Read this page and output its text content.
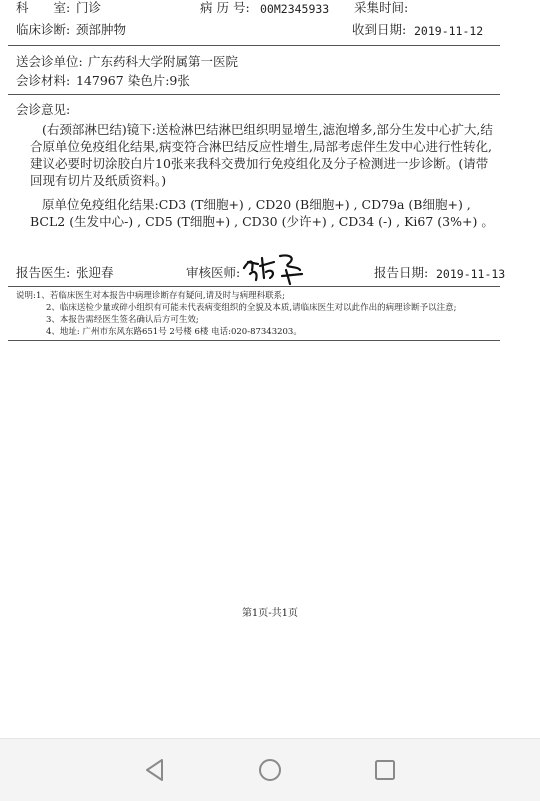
科　　室: 门诊	病 历 号: 00M2345933 采集时间:
临床诊断: 颈部肿物	收到日期: 2019-11-12
送会诊单位: 广东药科大学附属第一医院
会诊材料: 147967 染色片:9张
会诊意见:
(右颈部淋巴结)镜下:送检淋巴结淋巴组织明显增生,滤泡增多,部分生发中心扩大,结合原单位免疫组化结果,病变符合淋巴结反应性增生,局部考虑伴生发中心进行性转化,建议必要时切涂胶白片10张来我科交费加行免疫组化及分子检测进一步诊断。(请带回现有切片及纸质资料。)
原单位免疫组化结果:CD3 (T细胞+) , CD20 (B细胞+) , CD79a (B细胞+) , BCL2 (生发中心-) , CD5 (T细胞+) , CD30 (少许+) , CD34 (-) , Ki67 (3%+) 。
报告医生: 张迎春	审核医师:	报告日期: 2019-11-13
说明: 1、若临床医生对本报告中病理诊断存有疑问,请及时与病理科联系;
2、临床送检少量或碎小组织有可能未代表病变组织的全貌及本质,请临床医生对以此作出的病理诊断予以注意;
3、本报告需经医生签名确认后方可生效;
4、地址: 广州市东风东路651号 2号楼 6楼 电话:020-87343203。
第1页-共1页
